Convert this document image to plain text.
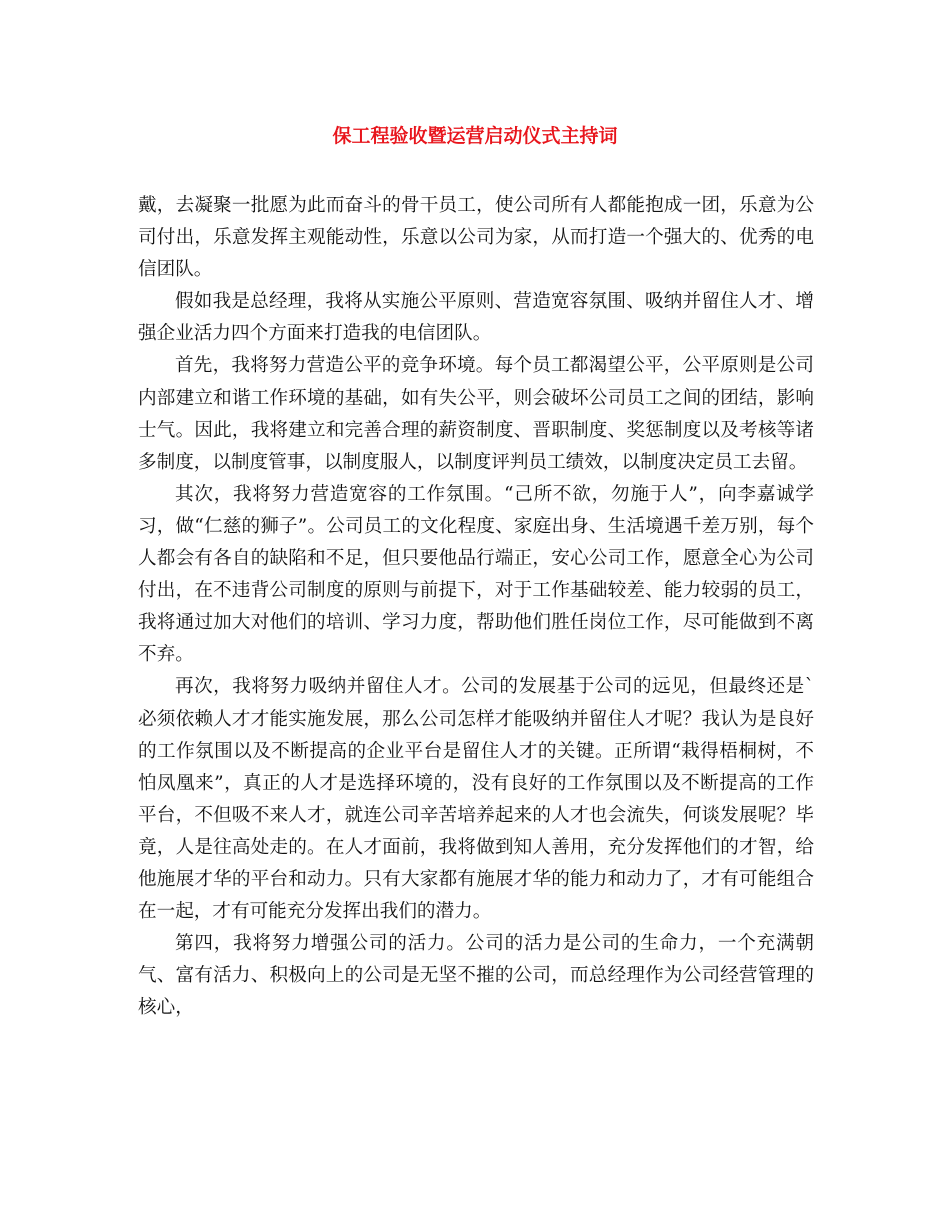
保工程验收暨运营启动仪式主持词

戴，去凝聚一批愿为此而奋斗的骨干员工，使公司所有人都能抱成一团，乐意为公司付出，乐意发挥主观能动性，乐意以公司为家，从而打造一个强大的、优秀的电信团队。

假如我是总经理，我将从实施公平原则、营造宽容氛围、吸纳并留住人才、增强企业活力四个方面来打造我的电信团队。

首先，我将努力营造公平的竞争环境。每个员工都渴望公平，公平原则是公司内部建立和谐工作环境的基础，如有失公平，则会破坏公司员工之间的团结，影响士气。因此，我将建立和完善合理的薪资制度、晋职制度、奖惩制度以及考核等诸多制度，以制度管事，以制度服人，以制度评判员工绩效，以制度决定员工去留。

其次，我将努力营造宽容的工作氛围。“己所不欲，勿施于人”，向李嘉诚学习，做“仁慈的狮子”。公司员工的文化程度、家庭出身、生活境遇千差万别，每个人都会有各自的缺陷和不足，但只要他品行端正，安心公司工作，愿意全心为公司付出，在不违背公司制度的原则与前提下，对于工作基础较差、能力较弱的员工，我将通过加大对他们的培训、学习力度，帮助他们胜任岗位工作，尽可能做到不离不弃。

再次，我将努力吸纳并留住人才。公司的发展基于公司的远见，但最终还是`必须依赖人才才能实施发展，那么公司怎样才能吸纳并留住人才呢？我认为是良好的工作氛围以及不断提高的企业平台是留住人才的关键。正所谓“栽得梧桐树，不怕凤凰来”，真正的人才是选择环境的，没有良好的工作氛围以及不断提高的工作平台，不但吸不来人才，就连公司辛苦培养起来的人才也会流失，何谈发展呢？毕竟，人是往高处走的。在人才面前，我将做到知人善用，充分发挥他们的才智，给他施展才华的平台和动力。只有大家都有施展才华的能力和动力了，才有可能组合在一起，才有可能充分发挥出我们的潜力。

第四，我将努力增强公司的活力。公司的活力是公司的生命力，一个充满朝气、富有活力、积极向上的公司是无坚不摧的公司，而总经理作为公司经营管理的核心，
